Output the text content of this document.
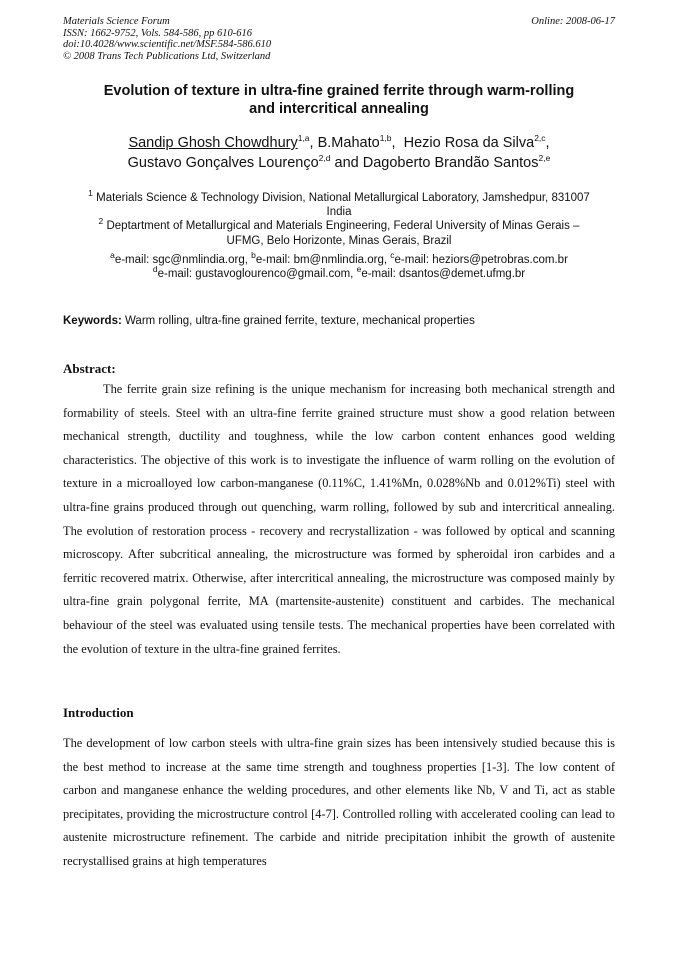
Materials Science Forum
ISSN: 1662-9752, Vols. 584-586, pp 610-616
doi:10.4028/www.scientific.net/MSF.584-586.610
© 2008 Trans Tech Publications Ltd, Switzerland
Online: 2008-06-17
Evolution of texture in ultra-fine grained ferrite through warm-rolling
and intercritical annealing
Sandip Ghosh Chowdhury$^{1,a}$, B.Mahato$^{1,b}$,  Hezio Rosa da Silva$^{2,c}$,
Gustavo Gonçalves Lourenço$^{2,d}$ and Dagoberto Brandão Santos$^{2,e}$
$^1$ Materials Science & Technology Division, National Metallurgical Laboratory, Jamshedpur, 831007
India
$^2$ Deptartment of Metallurgical and Materials Engineering, Federal University of Minas Gerais –
UFMG, Belo Horizonte, Minas Gerais, Brazil
$^a$e-mail: sgc@nmlindia.org, $^b$e-mail: bm@nmlindia.org, $^c$e-mail: heziors@petrobras.com.br
$^d$e-mail: gustavoglourenco@gmail.com, $^e$e-mail: dsantos@demet.ufmg.br
Keywords: Warm rolling, ultra-fine grained ferrite, texture, mechanical properties
Abstract:

The ferrite grain size refining is the unique mechanism for increasing both mechanical strength and formability of steels. Steel with an ultra-fine ferrite grained structure must show a good relation between mechanical strength, ductility and toughness, while the low carbon content enhances good welding characteristics. The objective of this work is to investigate the influence of warm rolling on the evolution of texture in a microalloyed low carbon-manganese (0.11%C, 1.41%Mn, 0.028%Nb and 0.012%Ti) steel with ultra-fine grains produced through out quenching, warm rolling, followed by sub and intercritical annealing. The evolution of restoration process - recovery and recrystallization - was followed by optical and scanning microscopy. After subcritical annealing, the microstructure was formed by spheroidal iron carbides and a ferritic recovered matrix. Otherwise, after intercritical annealing, the microstructure was composed mainly by ultra-fine grain polygonal ferrite, MA (martensite-austenite) constituent and carbides. The mechanical behaviour of the steel was evaluated using tensile tests. The mechanical properties have been correlated with the evolution of texture in the ultra-fine grained ferrites.

Introduction

The development of low carbon steels with ultra-fine grain sizes has been intensively studied because this is the best method to increase at the same time strength and toughness properties [1-3]. The low content of carbon and manganese enhance the welding procedures, and other elements like Nb, V and Ti, act as stable precipitates, providing the microstructure control [4-7]. Controlled rolling with accelerated cooling can lead to austenite microstructure refinement. The carbide and nitride precipitation inhibit the growth of austenite recrystallised grains at high temperatures
